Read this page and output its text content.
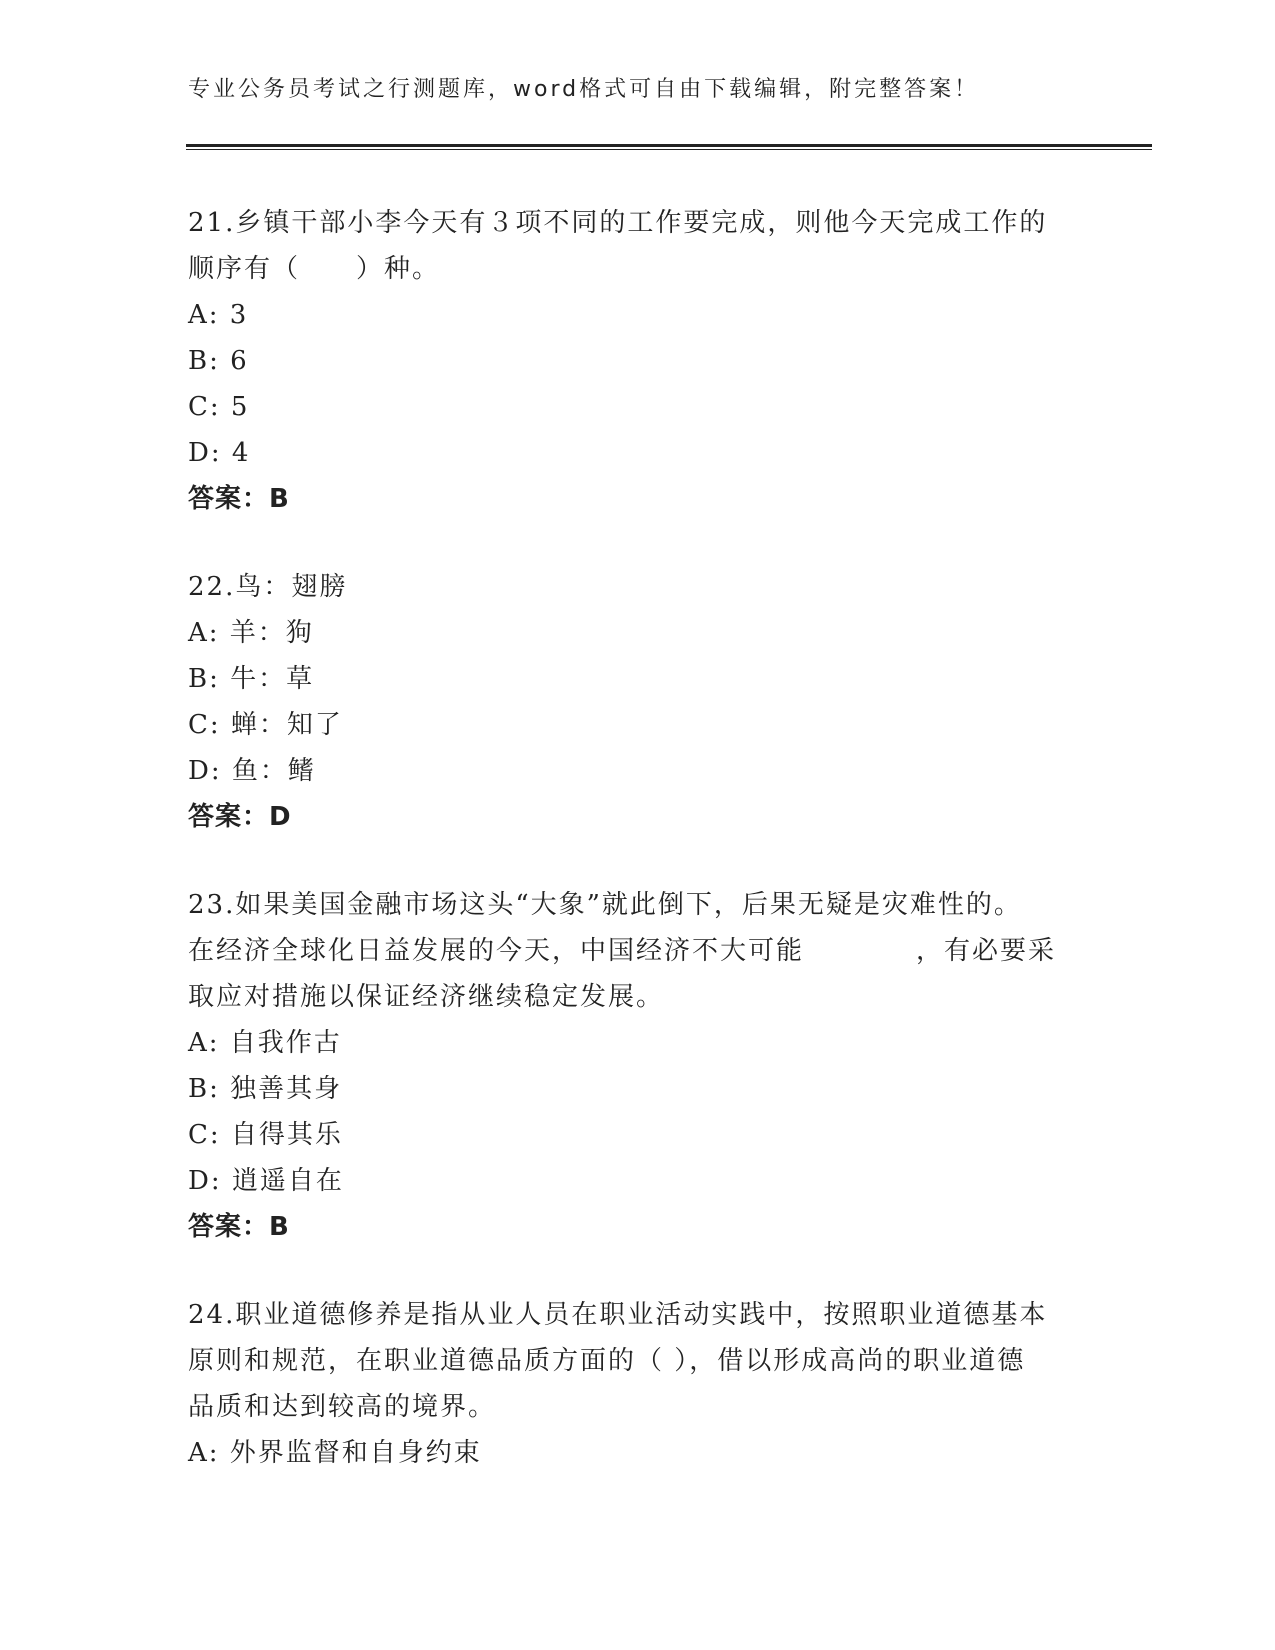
专业公务员考试之行测题库，word格式可自由下载编辑，附完整答案！

21.乡镇干部小李今天有３项不同的工作要完成，则他今天完成工作的

顺序有（　　）种。

A: 3

B: 6

C: 5

D: 4

答案：B

22.鸟：翅膀

A: 羊：狗

B: 牛：草

C: 蝉：知了

D: 鱼：鳍

答案：D

23.如果美国金融市场这头“大象”就此倒下，后果无疑是灾难性的。

在经济全球化日益发展的今天，中国经济不大可能　　　　，有必要采

取应对措施以保证经济继续稳定发展。

A: 自我作古

B: 独善其身

C: 自得其乐

D: 逍遥自在

答案：B

24.职业道德修养是指从业人员在职业活动实践中，按照职业道德基本

原则和规范，在职业道德品质方面的（ ），借以形成高尚的职业道德

品质和达到较高的境界。

A: 外界监督和自身约束
